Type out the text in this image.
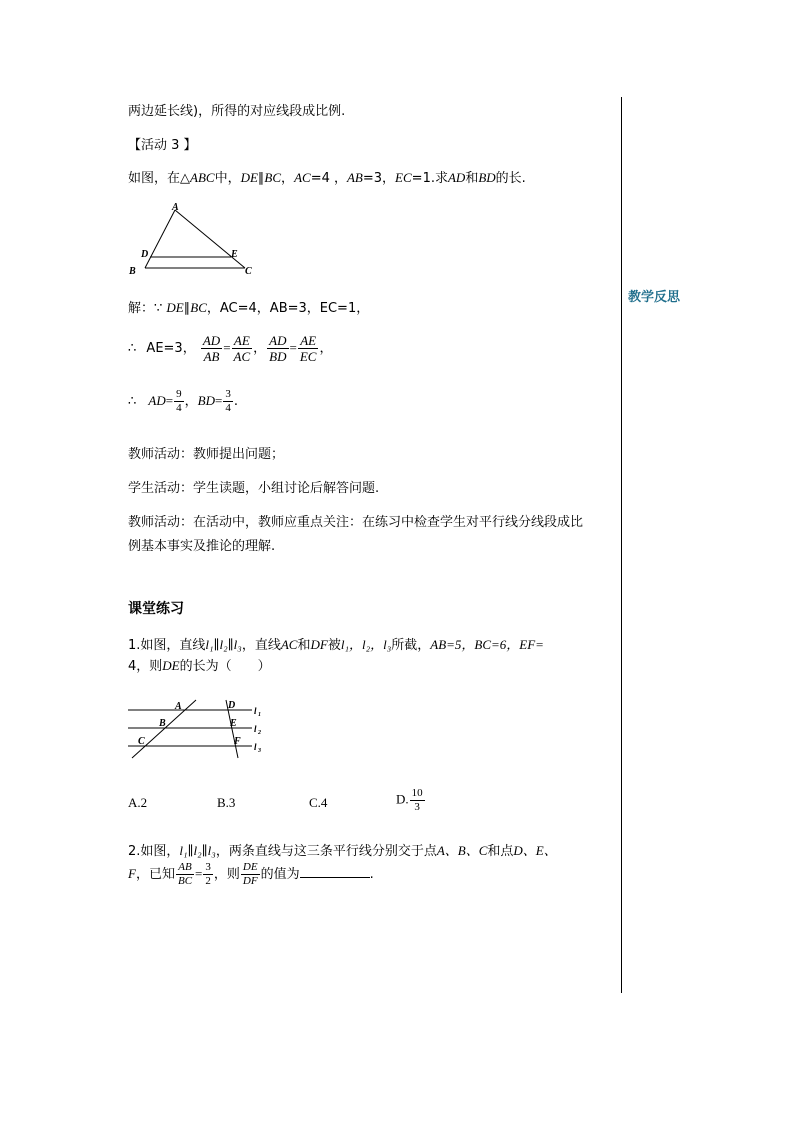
教学反思
两边延长线)，所得的对应线段成比例.
【活动 3 】
如图，在△ABC中，DE∥BC，AC=4 ，AB=3，EC=1.求AD和BD的长.
A
D	E
B	C
解：∵ DE∥BC，AC=4，AB=3，EC=1，
∴ AE=3， $\frac{AD}{AB} = \frac{AE}{AC}$ ， $\frac{AD}{BD} = \frac{AE}{EC}$ ，
∴ $AD= \frac{9}{4}$ ，$BD= \frac{3}{4}$ .
教师活动：教师提出问题；
学生活动：学生读题，小组讨论后解答问题.
教师活动：在活动中，教师应重点关注：在练习中检查学生对平行线分线段成比
例基本事实及推论的理解.
课堂练习
1.如图，直线l₁∥l₂∥l₃，直线AC和DF被l₁，l₂，l₃所截，AB=5，BC=6，EF=
4，则DE的长为（　　）
A
B
C
D
E
F
l 1
l 2
l 3
A.2	B.3	C.4	D. $\frac{10}{3}$
2.如图，l₁∥l₂∥l₃，两条直线与这三条平行线分别交于点A、B、C和点D、E、
F，已知 $\frac{AB}{BC} = \frac{3}{2}$ ，则 $\frac{DE}{DF}$ 的值为	.
